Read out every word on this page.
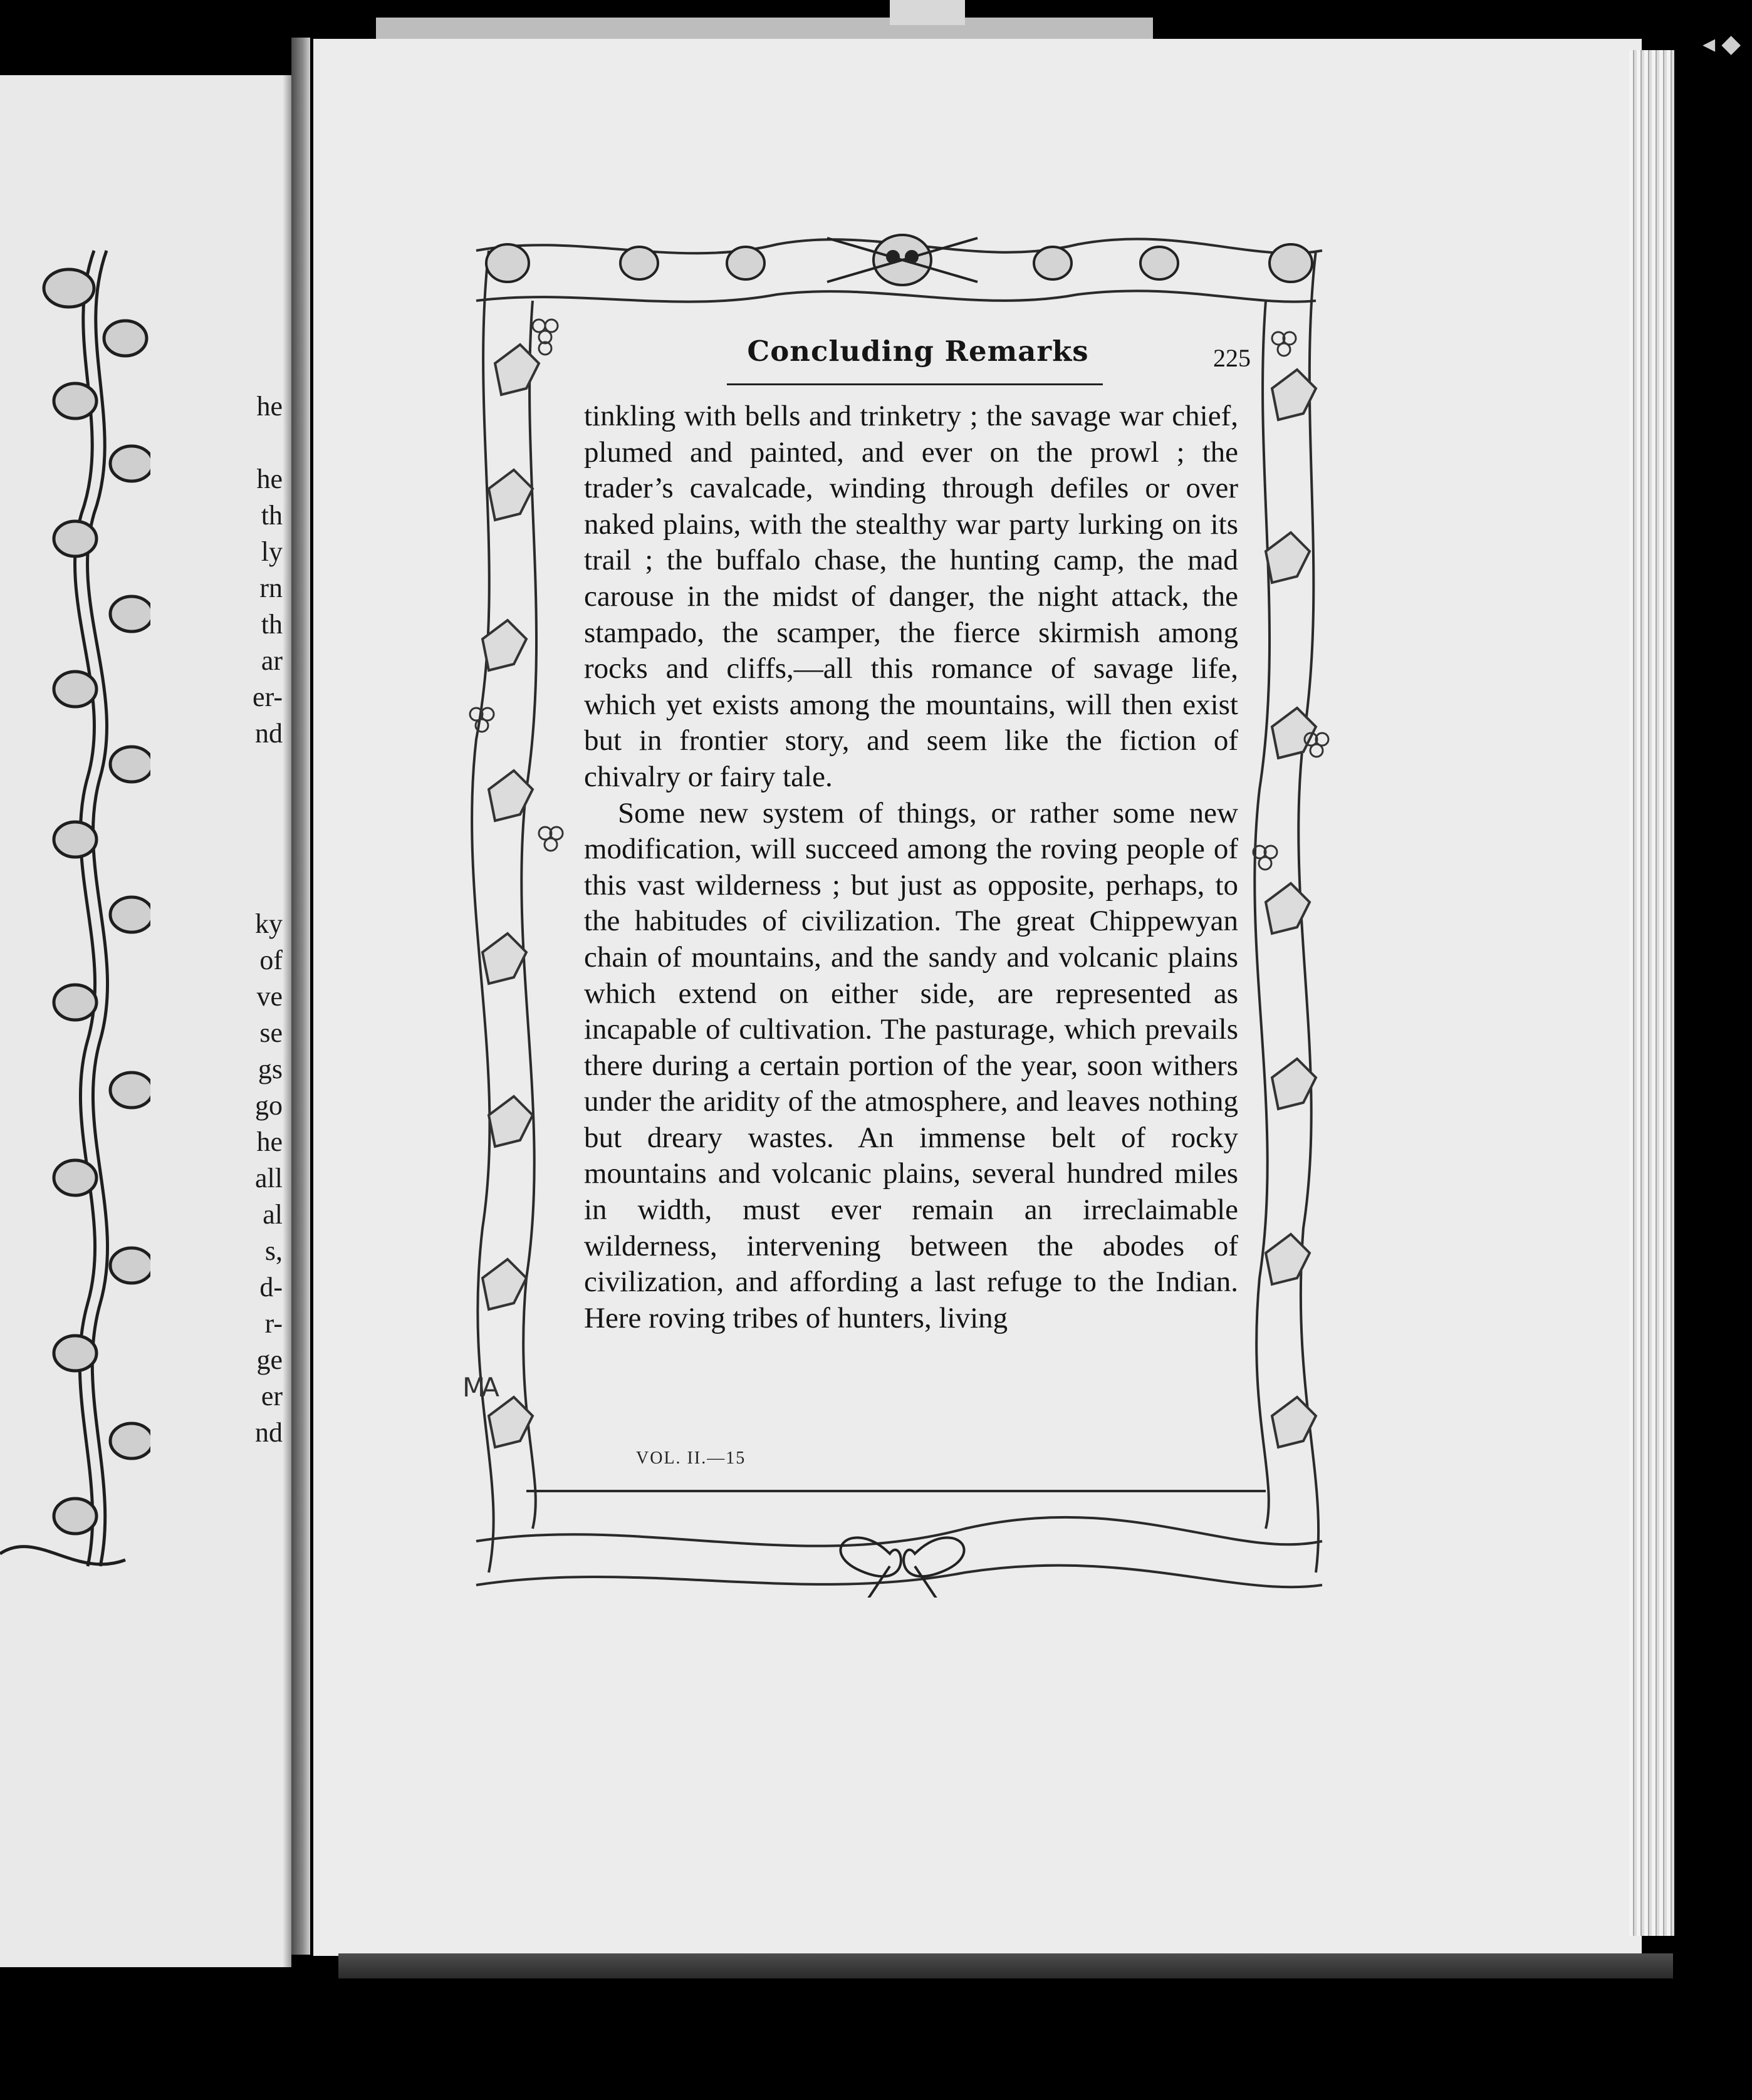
◂ ◆
he
he
th
ly
rn
th
ar
er-
nd
ky
of
ve
se
gs
go
he
all
al
s,
d-
r-
ge
er
nd
Concluding Remarks	225

tinkling with bells and trinketry ; the savage war chief, plumed and painted, and ever on the prowl ; the trader’s cavalcade, winding through defiles or over naked plains, with the stealthy war party lurking on its trail ; the buffalo chase, the hunting camp, the mad carouse in the midst of danger, the night attack, the stampado, the scamper, the fierce skirmish among rocks and cliffs,—all this romance of savage life, which yet exists among the mountains, will then exist but in frontier story, and seem like the fiction of chivalry or fairy tale.

Some new system of things, or rather some new modification, will succeed among the roving people of this vast wilderness ; but just as opposite, perhaps, to the habitudes of civilization. The great Chippewyan chain of mountains, and the sandy and volcanic plains which extend on either side, are represented as incapable of cultivation. The pasturage, which prevails there during a certain portion of the year, soon withers under the aridity of the atmosphere, and leaves nothing but dreary wastes. An immense belt of rocky mountains and volcanic plains, several hundred miles in width, must ever remain an irreclaimable wilderness, intervening between the abodes of civilization, and affording a last refuge to the Indian. Here roving tribes of hunters, living

VOL. II.—15
MA
